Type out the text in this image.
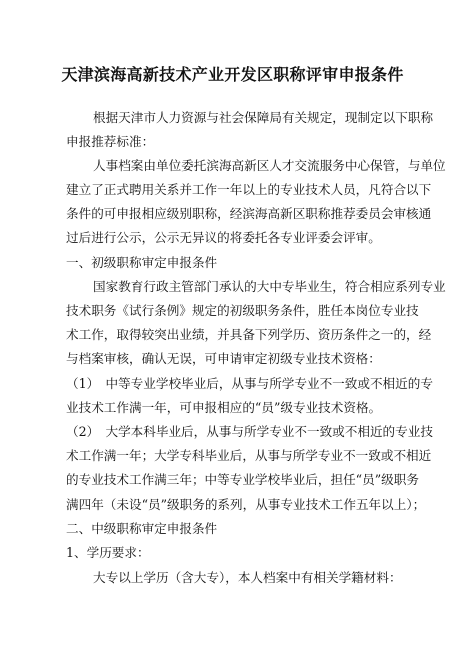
天津滨海高新技术产业开发区职称评审申报条件
根据天津市人力资源与社会保障局有关规定，现制定以下职称
申报推荐标准：
人事档案由单位委托滨海高新区人才交流服务中心保管，与单位
建立了正式聘用关系并工作一年以上的专业技术人员，凡符合以下
条件的可申报相应级别职称，经滨海高新区职称推荐委员会审核通
过后进行公示，公示无异议的将委托各专业评委会评审。
一、初级职称审定申报条件
国家教育行政主管部门承认的大中专毕业生，符合相应系列专业
技术职务《试行条例》规定的初级职务条件，胜任本岗位专业技
术工作，取得较突出业绩，并具备下列学历、资历条件之一的，经
与档案审核，确认无误，可申请审定初级专业技术资格：
（1）　中等专业学校毕业后，从事与所学专业不一致或不相近的专
业技术工作满一年，可申报相应的“员”级专业技术资格。
（2）　大学本科毕业后，从事与所学专业不一致或不相近的专业技
术工作满一年；大学专科毕业后，从事与所学专业不一致或不相近
的专业技术工作满三年；中等专业学校毕业后，担任“员”级职务
满四年（未设“员”级职务的系列，从事专业技术工作五年以上）；
二、中级职称审定申报条件
1、学历要求：
大专以上学历（含大专），本人档案中有相关学籍材料：
